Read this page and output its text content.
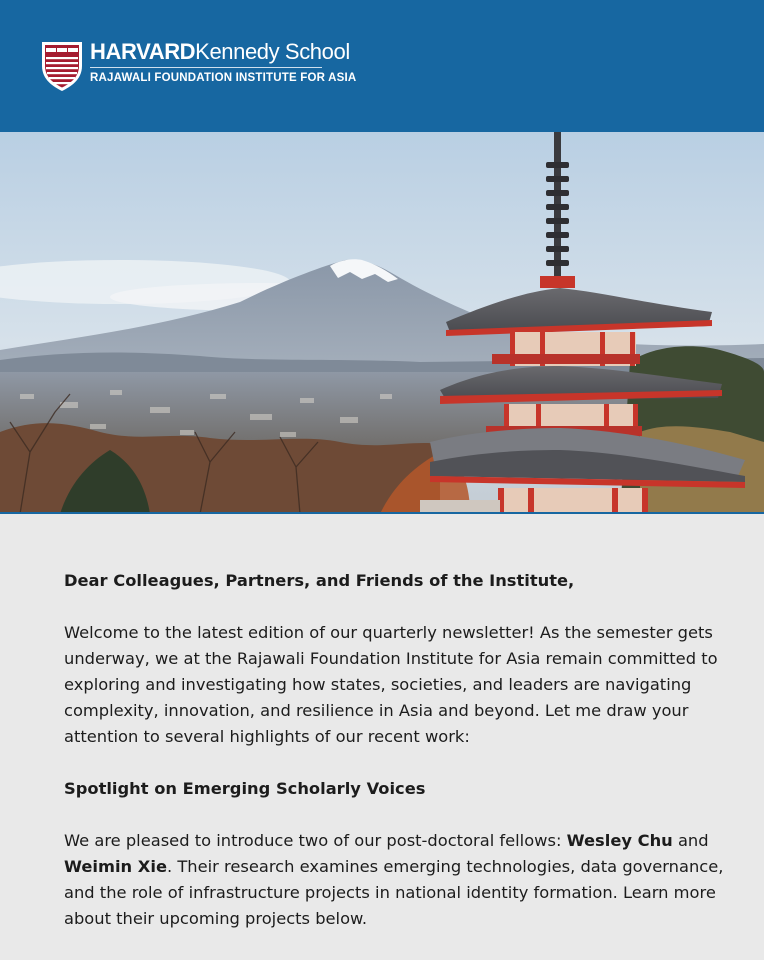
HARVARDKennedy School
RAJAWALI FOUNDATION INSTITUTE FOR ASIA

Dear Colleagues, Partners, and Friends of the Institute,

Welcome to the latest edition of our quarterly newsletter! As the semester gets underway, we at the Rajawali Foundation Institute for Asia remain committed to exploring and investigating how states, societies, and leaders are navigating complexity, innovation, and resilience in Asia and beyond. Let me draw your attention to several highlights of our recent work:

Spotlight on Emerging Scholarly Voices

We are pleased to introduce two of our post-doctoral fellows: Wesley Chu and Weimin Xie. Their research examines emerging technologies, data governance, and the role of infrastructure projects in national identity formation. Learn more about their upcoming projects below.
